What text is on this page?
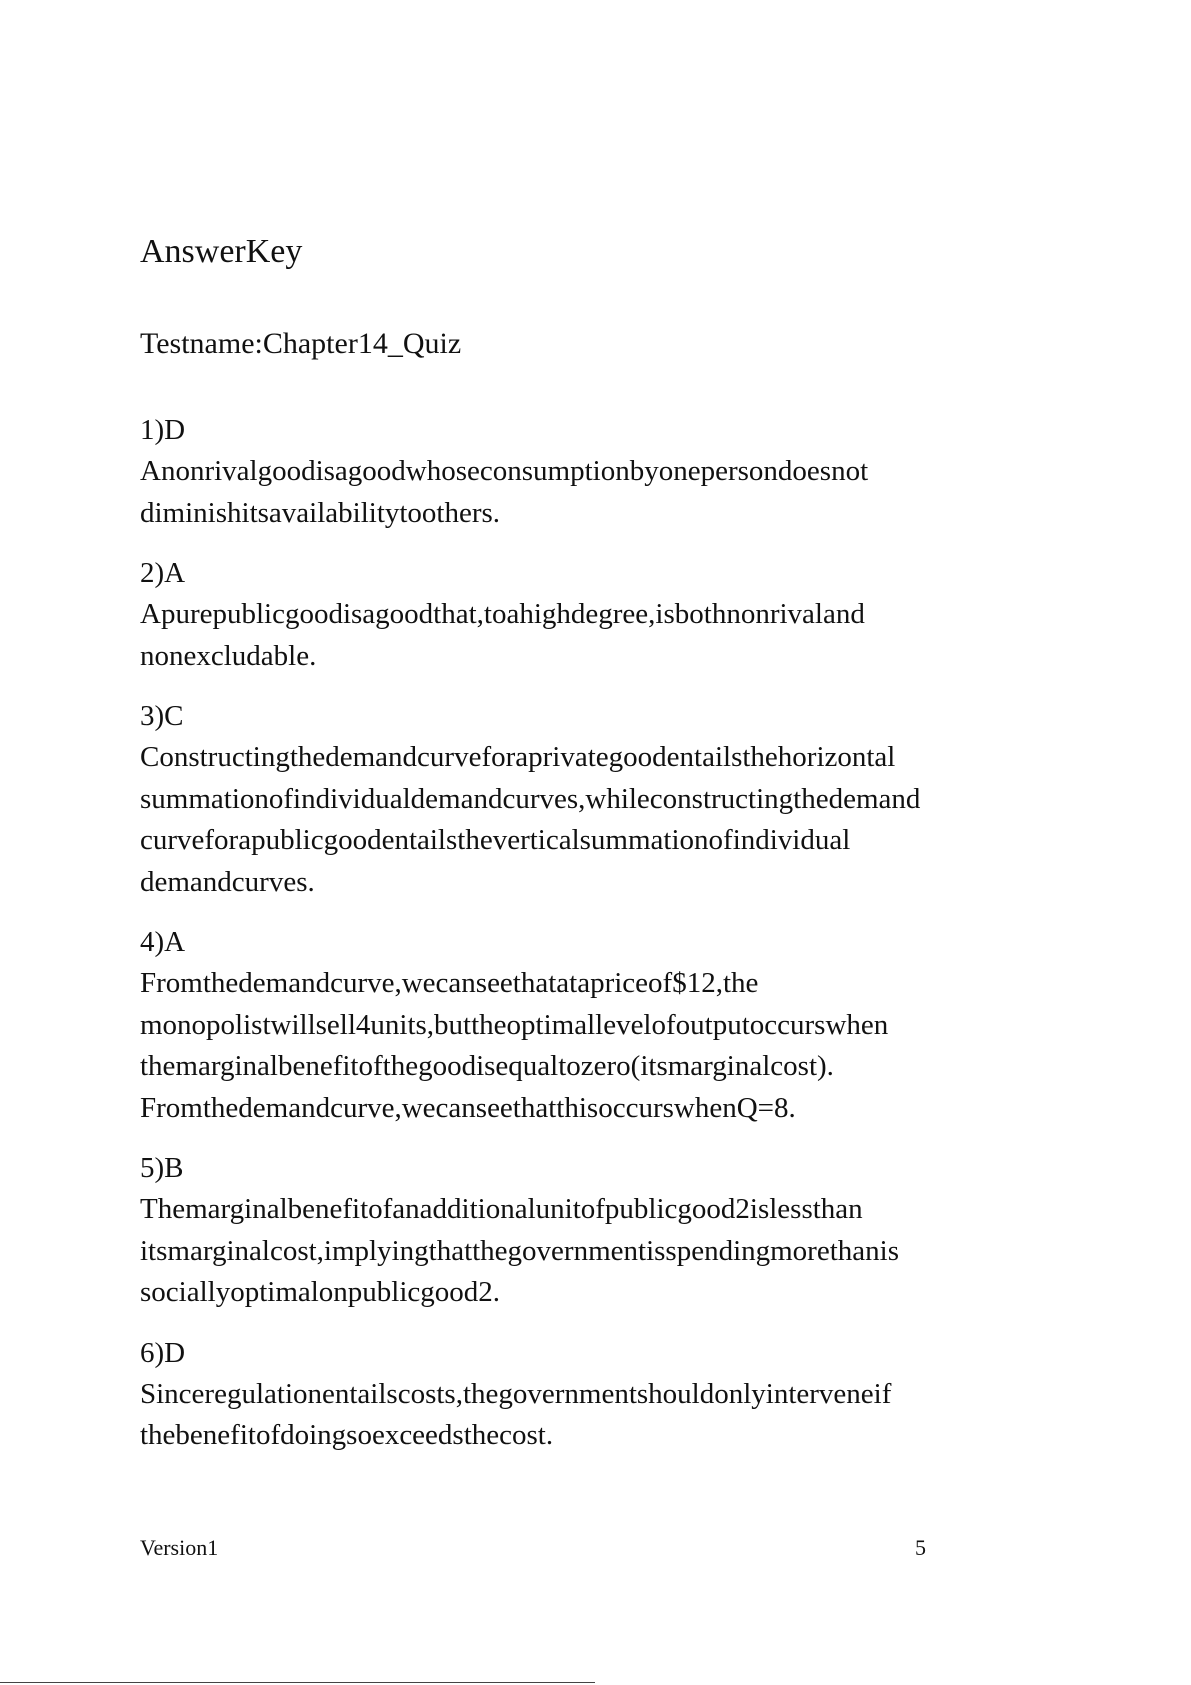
AnswerKey
Testname:Chapter14_Quiz
1)D
Anonrivalgoodisagoodwhoseconsumptionbyonepersondoesnot
diminishitsavailabilitytoothers.
2)A
Apurepublicgoodisagoodthat,toahighdegree,isbothnonrivaland
nonexcludable.
3)C
Constructingthedemandcurveforaprivategoodentailsthehorizontal
summationofindividualdemandcurves,whileconstructingthedemand
curveforapublicgoodentailstheverticalsummationofindividual
demandcurves.
4)A
Fromthedemandcurve,wecanseethatatapriceof$12,the
monopolistwillsell4units,buttheoptimallevelofoutputoccurswhen
themarginalbenefitofthegoodisequaltozero(itsmarginalcost).
Fromthedemandcurve,wecanseethatthisoccurswhenQ=8.
5)B
Themarginalbenefitofanadditionalunitofpublicgood2islessthan
itsmarginalcost,implyingthatthegovernmentisspendingmorethanis
sociallyoptimalonpublicgood2.
6)D
Sinceregulationentailscosts,thegovernmentshouldonlyinterveneif
thebenefitofdoingsoexceedsthecost.
Version1	5
